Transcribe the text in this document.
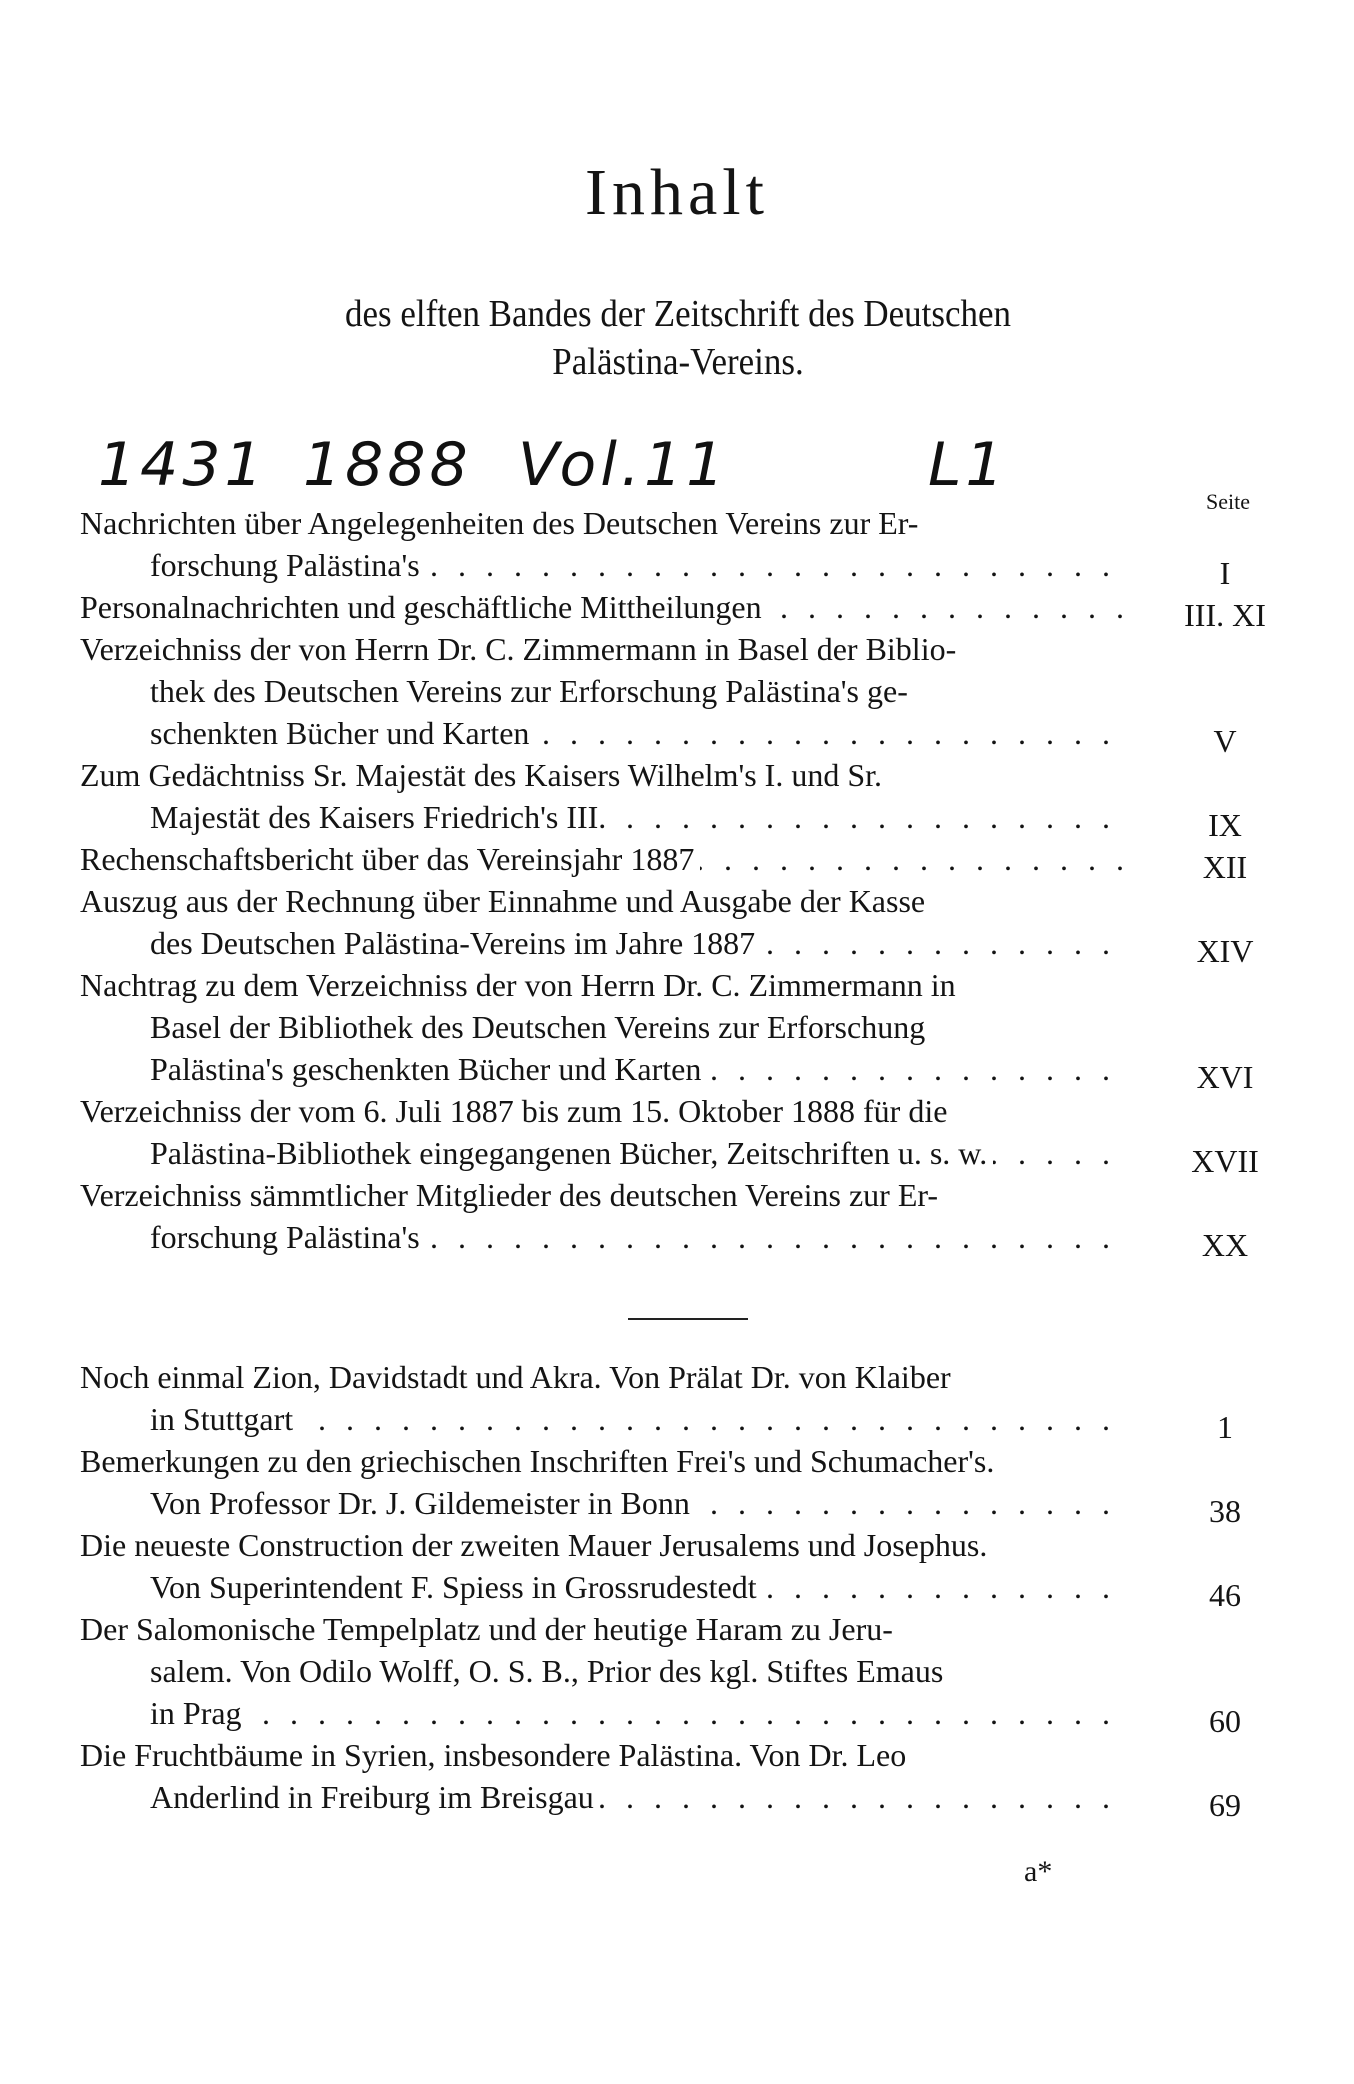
Inhalt
des elften Bandes der Zeitschrift des Deutschen
Palästina-Vereins.
1431 1888 Vol.11	L1
Seite
Nachrichten über Angelegenheiten des Deutschen Vereins zur Er-
forschung Palästina's . . .	I
Personalnachrichten und geschäftliche Mittheilungen . . .	III. XI
Verzeichniss der von Herrn Dr. C. Zimmermann in Basel der Biblio-
thek des Deutschen Vereins zur Erforschung Palästina's ge-
schenkten Bücher und Karten . . .	V
Zum Gedächtniss Sr. Majestät des Kaisers Wilhelm's I. und Sr.
Majestät des Kaisers Friedrich's III. . . .	IX
Rechenschaftsbericht über das Vereinsjahr 1887 . . .	XII
Auszug aus der Rechnung über Einnahme und Ausgabe der Kasse
des Deutschen Palästina-Vereins im Jahre 1887 . . .	XIV
Nachtrag zu dem Verzeichniss der von Herrn Dr. C. Zimmermann in
Basel der Bibliothek des Deutschen Vereins zur Erforschung
Palästina's geschenkten Bücher und Karten . . .	XVI
Verzeichniss der vom 6. Juli 1887 bis zum 15. Oktober 1888 für die
Palästina-Bibliothek eingegangenen Bücher, Zeitschriften u. s. w. . . .	XVII
Verzeichniss sämmtlicher Mitglieder des deutschen Vereins zur Er-
forschung Palästina's . . .	XX
Noch einmal Zion, Davidstadt und Akra. Von Prälat Dr. von Klaiber
in Stuttgart . . .	1
Bemerkungen zu den griechischen Inschriften Frei's und Schumacher's.
Von Professor Dr. J. Gildemeister in Bonn . . .	38
Die neueste Construction der zweiten Mauer Jerusalems und Josephus.
Von Superintendent F. Spiess in Grossrudestedt . . .	46
Der Salomonische Tempelplatz und der heutige Haram zu Jeru-
salem. Von Odilo Wolff, O. S. B., Prior des kgl. Stiftes Emaus
in Prag . . .	60
Die Fruchtbäume in Syrien, insbesondere Palästina. Von Dr. Leo
Anderlind in Freiburg im Breisgau . . .	69
a*
